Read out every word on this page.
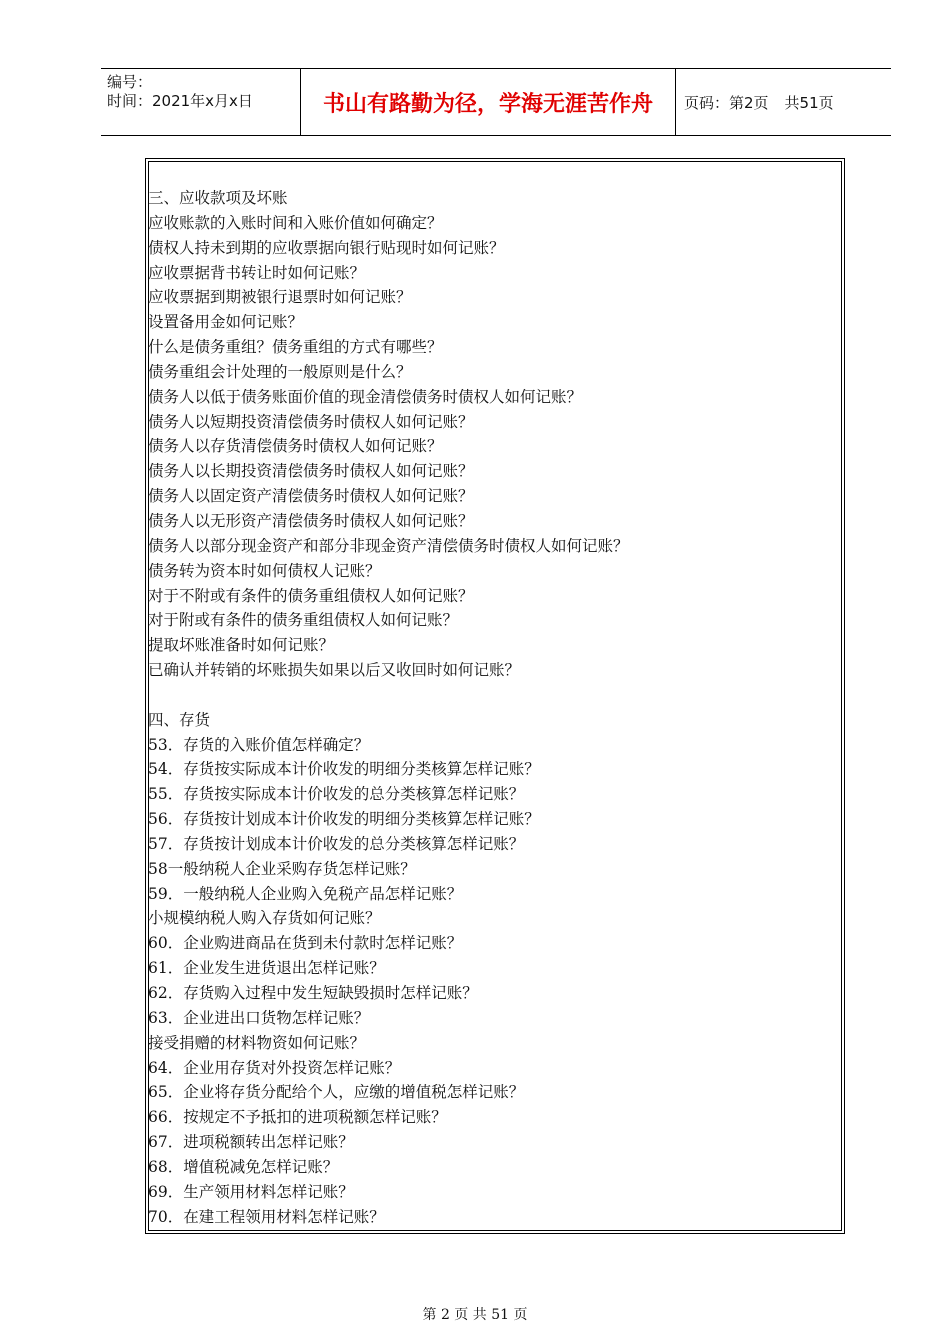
编号：
时间：2021年x月x日	书山有路勤为径，学海无涯苦作舟	页码：第2页 共51页
三、应收款项及坏账
应收账款的入账时间和入账价值如何确定？
债权人持未到期的应收票据向银行贴现时如何记账？
应收票据背书转让时如何记账？
应收票据到期被银行退票时如何记账？
设置备用金如何记账？
什么是债务重组？债务重组的方式有哪些？
债务重组会计处理的一般原则是什么？
债务人以低于债务账面价值的现金清偿债务时债权人如何记账？
债务人以短期投资清偿债务时债权人如何记账？
债务人以存货清偿债务时债权人如何记账？
债务人以长期投资清偿债务时债权人如何记账？
债务人以固定资产清偿债务时债权人如何记账？
债务人以无形资产清偿债务时债权人如何记账？
债务人以部分现金资产和部分非现金资产清偿债务时债权人如何记账？
债务转为资本时如何债权人记账？
对于不附或有条件的债务重组债权人如何记账？
对于附或有条件的债务重组债权人如何记账？
提取坏账准备时如何记账？
已确认并转销的坏账损失如果以后又收回时如何记账？
四、存货
53．存货的入账价值怎样确定？
54．存货按实际成本计价收发的明细分类核算怎样记账？
55．存货按实际成本计价收发的总分类核算怎样记账？
56．存货按计划成本计价收发的明细分类核算怎样记账？
57．存货按计划成本计价收发的总分类核算怎样记账？
58一般纳税人企业采购存货怎样记账？
59．一般纳税人企业购入免税产品怎样记账？
小规模纳税人购入存货如何记账？
60．企业购进商品在货到未付款时怎样记账？
61．企业发生进货退出怎样记账？
62．存货购入过程中发生短缺毁损时怎样记账？
63．企业进出口货物怎样记账？
接受捐赠的材料物资如何记账？
64．企业用存货对外投资怎样记账？
65．企业将存货分配给个人，应缴的增值税怎样记账？
66．按规定不予抵扣的进项税额怎样记账？
67．进项税额转出怎样记账？
68．增值税减免怎样记账？
69．生产领用材料怎样记账？
70．在建工程领用材料怎样记账？
第 2 页 共 51 页
